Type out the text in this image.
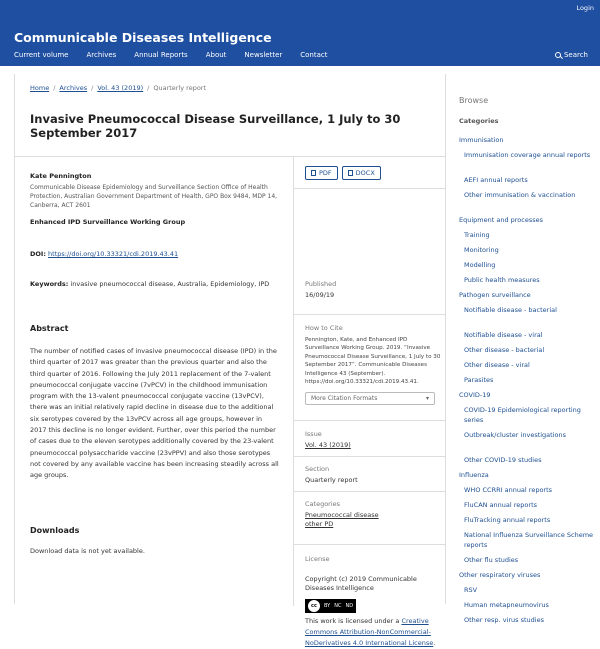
Login
Communicable Diseases Intelligence
Current volume	Archives	Annual Reports	About	Newsletter	Contact	Search
Home / Archives / Vol. 43 (2019) / Quarterly report
Invasive Pneumococcal Disease Surveillance, 1 July to 30 September 2017
Kate Pennington
Communicable Disease Epidemiology and Surveillance Section Office of Health Protection, Australian Government Department of Health, GPO Box 9484, MDP 14, Canberra, ACT 2601
Enhanced IPD Surveillance Working Group
DOI: https://doi.org/10.33321/cdi.2019.43.41
Keywords: invasive pneumococcal disease, Australia, Epidemiology, IPD
Abstract

The number of notified cases of invasive pneumococcal disease (IPD) in the third quarter of 2017 was greater than the previous quarter and also the third quarter of 2016. Following the July 2011 replacement of the 7-valent pneumococcal conjugate vaccine (7vPCV) in the childhood immunisation program with the 13-valent pneumococcal conjugate vaccine (13vPCV), there was an initial relatively rapid decline in disease due to the additional six serotypes covered by the 13vPCV across all age groups, however in 2017 this decline is no longer evident. Further, over this period the number of cases due to the eleven serotypes additionally covered by the 23-valent pneumococcal polysaccharide vaccine (23vPPV) and also those serotypes not covered by any available vaccine has been increasing steadily across all age groups.

Downloads

Download data is not yet available.

PDF	DOCX
Published
16/09/19
How to Cite
Pennington, Kate, and Enhanced IPD Surveillance Working Group. 2019. “Invasive Pneumococcal Disease Surveillance, 1 July to 30 September 2017”. Communicable Diseases Intelligence 43 (September). https://doi.org/10.33321/cdi.2019.43.41.
More Citation Formats	▾
Issue
Vol. 43 (2019)
Section
Quarterly report
Categories
Pneumococcal disease
other PD
License
Copyright (c) 2019 Communicable Diseases Intelligence
cc	BY NC ND
This work is licensed under a Creative Commons Attribution-NonCommercial-NoDerivatives 4.0 International License.
Browse
Categories
Immunisation
Immunisation coverage annual reports
AEFI annual reports
Other immunisation & vaccination
Equipment and processes
Training
Monitoring
Modelling
Public health measures
Pathogen surveillance
Notifiable disease - bacterial
Notifiable disease - viral
Other disease - bacterial
Other disease - viral
Parasites
COVID-19
COVID-19 Epidemiological reporting series
Outbreak/cluster investigations
Other COVID-19 studies
Influenza
WHO CCRRI annual reports
FluCAN annual reports
FluTracking annual reports
National Influenza Surveillance Scheme reports
Other flu studies
Other respiratory viruses
RSV
Human metapneumovirus
Other resp. virus studies
